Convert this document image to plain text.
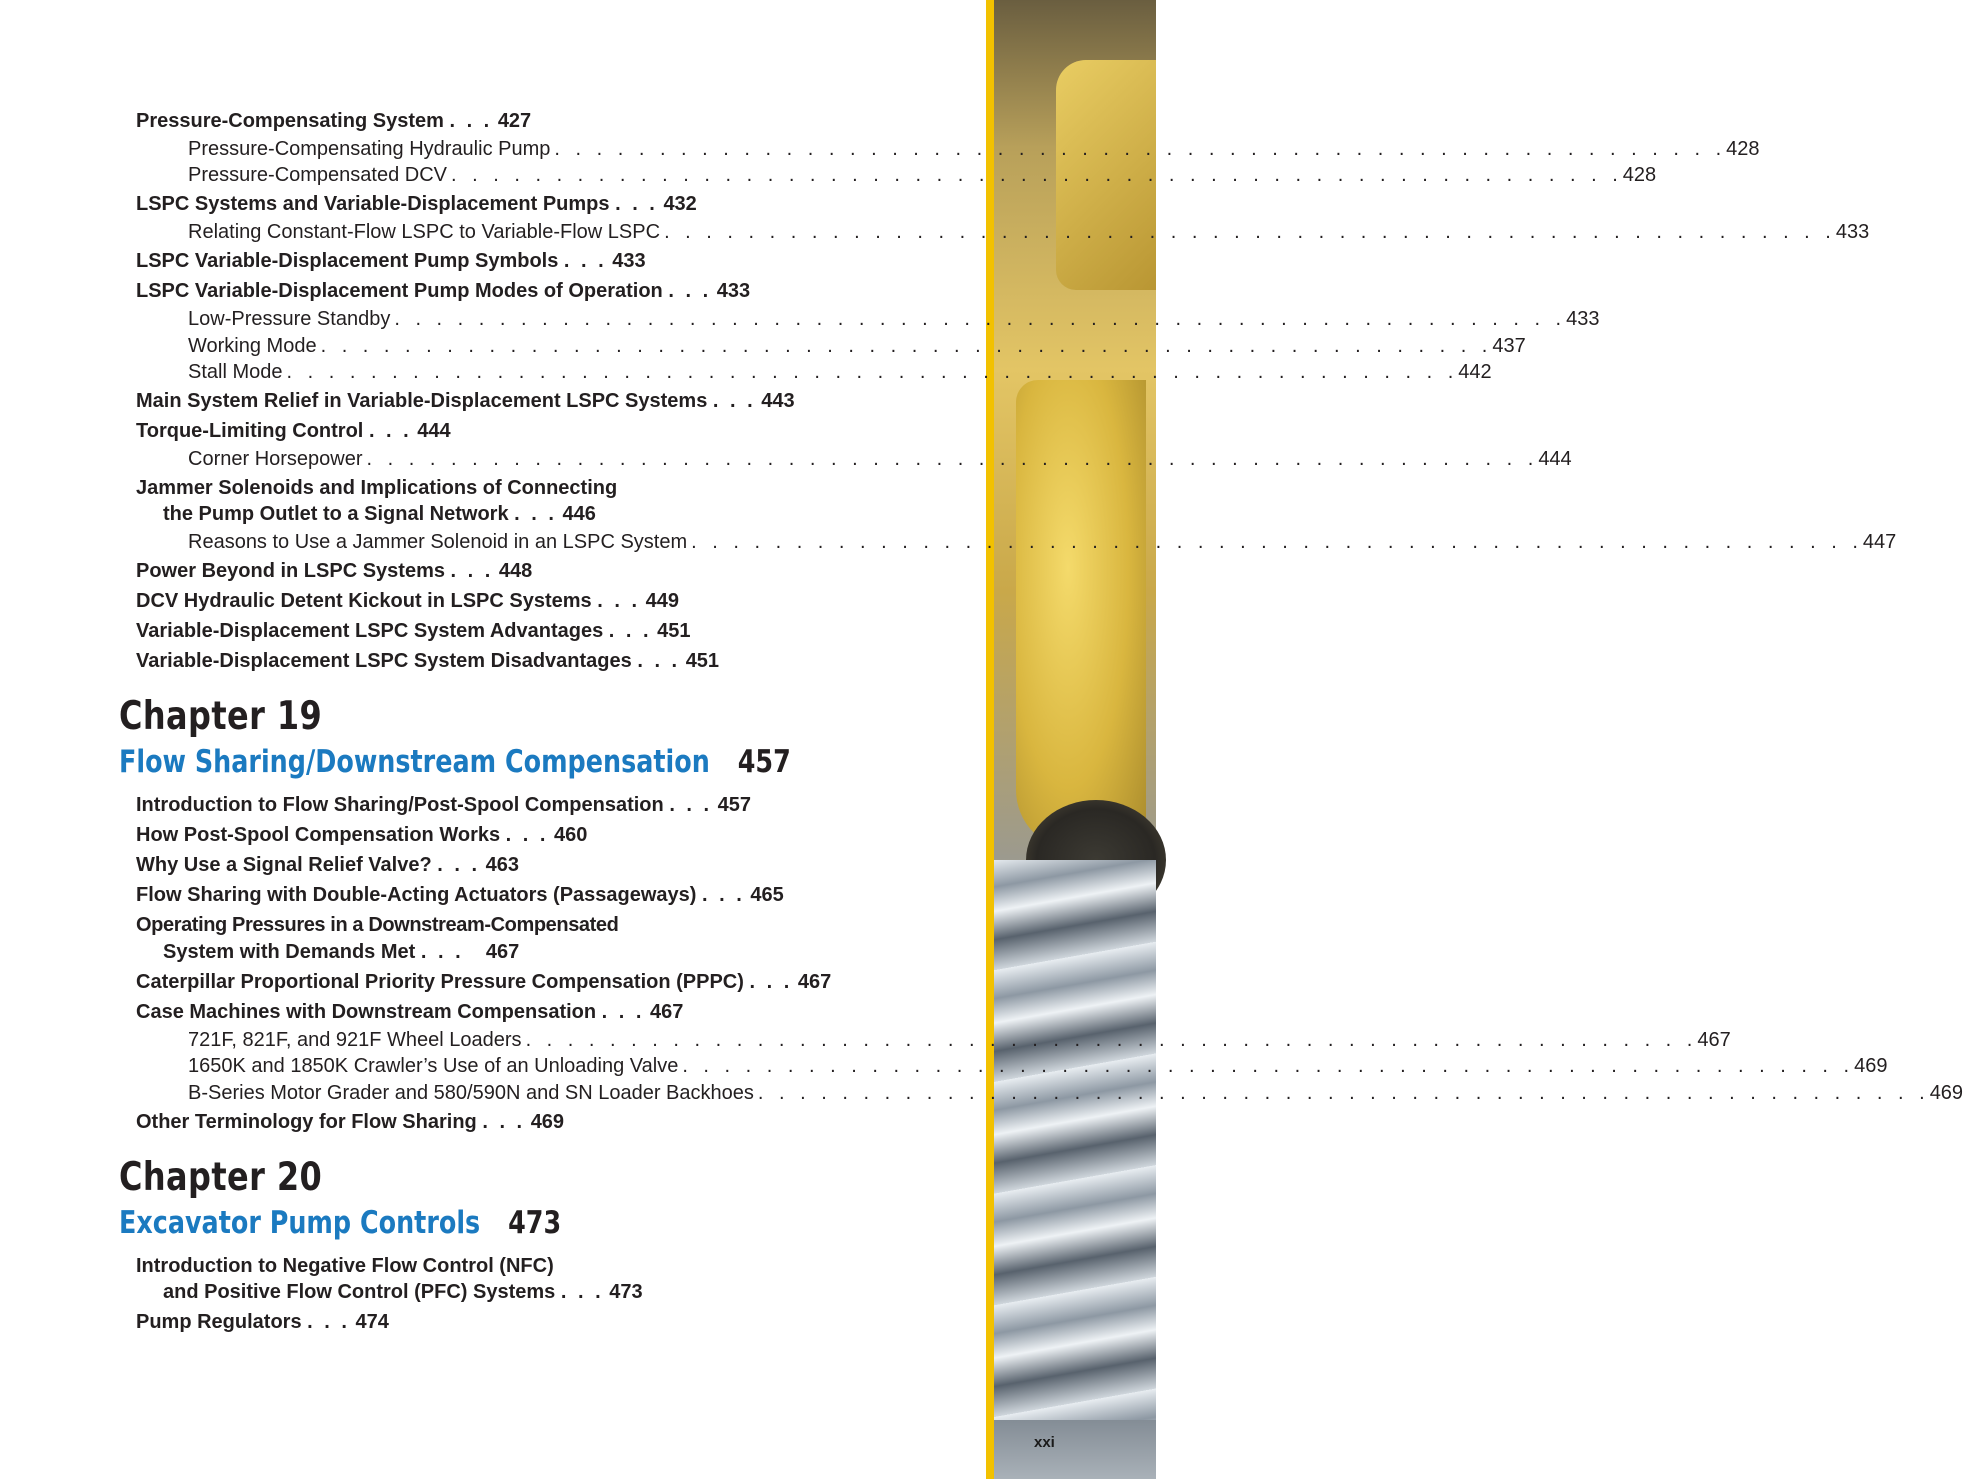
Pressure-Compensating System . . . 427
Pressure-Compensating Hydraulic Pump . . . . . . . . . . . . . . . . . . . . . . . . . . . . . . . . . . . . . . . . . . . . . . . . . . . . . . . . 428
Pressure-Compensated DCV . . . . . . . . . . . . . . . . . . . . . . . . . . . . . . . . . . . . . . . . . . . . . . . . . . . . . . . . 428
LSPC Systems and Variable-Displacement Pumps . . . 432
Relating Constant-Flow LSPC to Variable-Flow LSPC . . . . . . . . . . . . . . . . . . . . . . . . . . . . . . . . . . . . . . . . . . . . . . . . . . . . . . . . 433
LSPC Variable-Displacement Pump Symbols . . . 433
LSPC Variable-Displacement Pump Modes of Operation . . . 433
Low-Pressure Standby . . . . . . . . . . . . . . . . . . . . . . . . . . . . . . . . . . . . . . . . . . . . . . . . . . . . . . . . 433
Working Mode . . . . . . . . . . . . . . . . . . . . . . . . . . . . . . . . . . . . . . . . . . . . . . . . . . . . . . . . 437
Stall Mode . . . . . . . . . . . . . . . . . . . . . . . . . . . . . . . . . . . . . . . . . . . . . . . . . . . . . . . . 442
Main System Relief in Variable-Displacement LSPC Systems . . . 443
Torque-Limiting Control . . . 444
Corner Horsepower . . . . . . . . . . . . . . . . . . . . . . . . . . . . . . . . . . . . . . . . . . . . . . . . . . . . . . . . 444
Jammer Solenoids and Implications of Connecting
the Pump Outlet to a Signal Network . . . 446
Reasons to Use a Jammer Solenoid in an LSPC System . . . . . . . . . . . . . . . . . . . . . . . . . . . . . . . . . . . . . . . . . . . . . . . . . . . . . . . . 447
Power Beyond in LSPC Systems . . . 448
DCV Hydraulic Detent Kickout in LSPC Systems . . . 449
Variable-Displacement LSPC System Advantages . . . 451
Variable-Displacement LSPC System Disadvantages . . . 451
Chapter 19
Flow Sharing/Downstream Compensation 457
Introduction to Flow Sharing/Post-Spool Compensation . . . 457
How Post-Spool Compensation Works . . . 460
Why Use a Signal Relief Valve? . . . 463
Flow Sharing with Double-Acting Actuators (Passageways) . . . 465
Operating Pressures in a Downstream-Compensated
System with Demands Met . . . 467
Caterpillar Proportional Priority Pressure Compensation (PPPC) . . . 467
Case Machines with Downstream Compensation . . . 467
721F, 821F, and 921F Wheel Loaders . . . . . . . . . . . . . . . . . . . . . . . . . . . . . . . . . . . . . . . . . . . . . . . . . . . . . . . . 467
1650K and 1850K Crawler’s Use of an Unloading Valve . . . . . . . . . . . . . . . . . . . . . . . . . . . . . . . . . . . . . . . . . . . . . . . . . . . . . . . . 469
B-Series Motor Grader and 580/590N and SN Loader Backhoes . . . . . . . . . . . . . . . . . . . . . . . . . . . . . . . . . . . . . . . . . . . . . . . . . . . . . . . . 469
Other Terminology for Flow Sharing . . . 469
Chapter 20
Excavator Pump Controls 473
Introduction to Negative Flow Control (NFC)
and Positive Flow Control (PFC) Systems . . . 473
Pump Regulators . . . 474
xxi
